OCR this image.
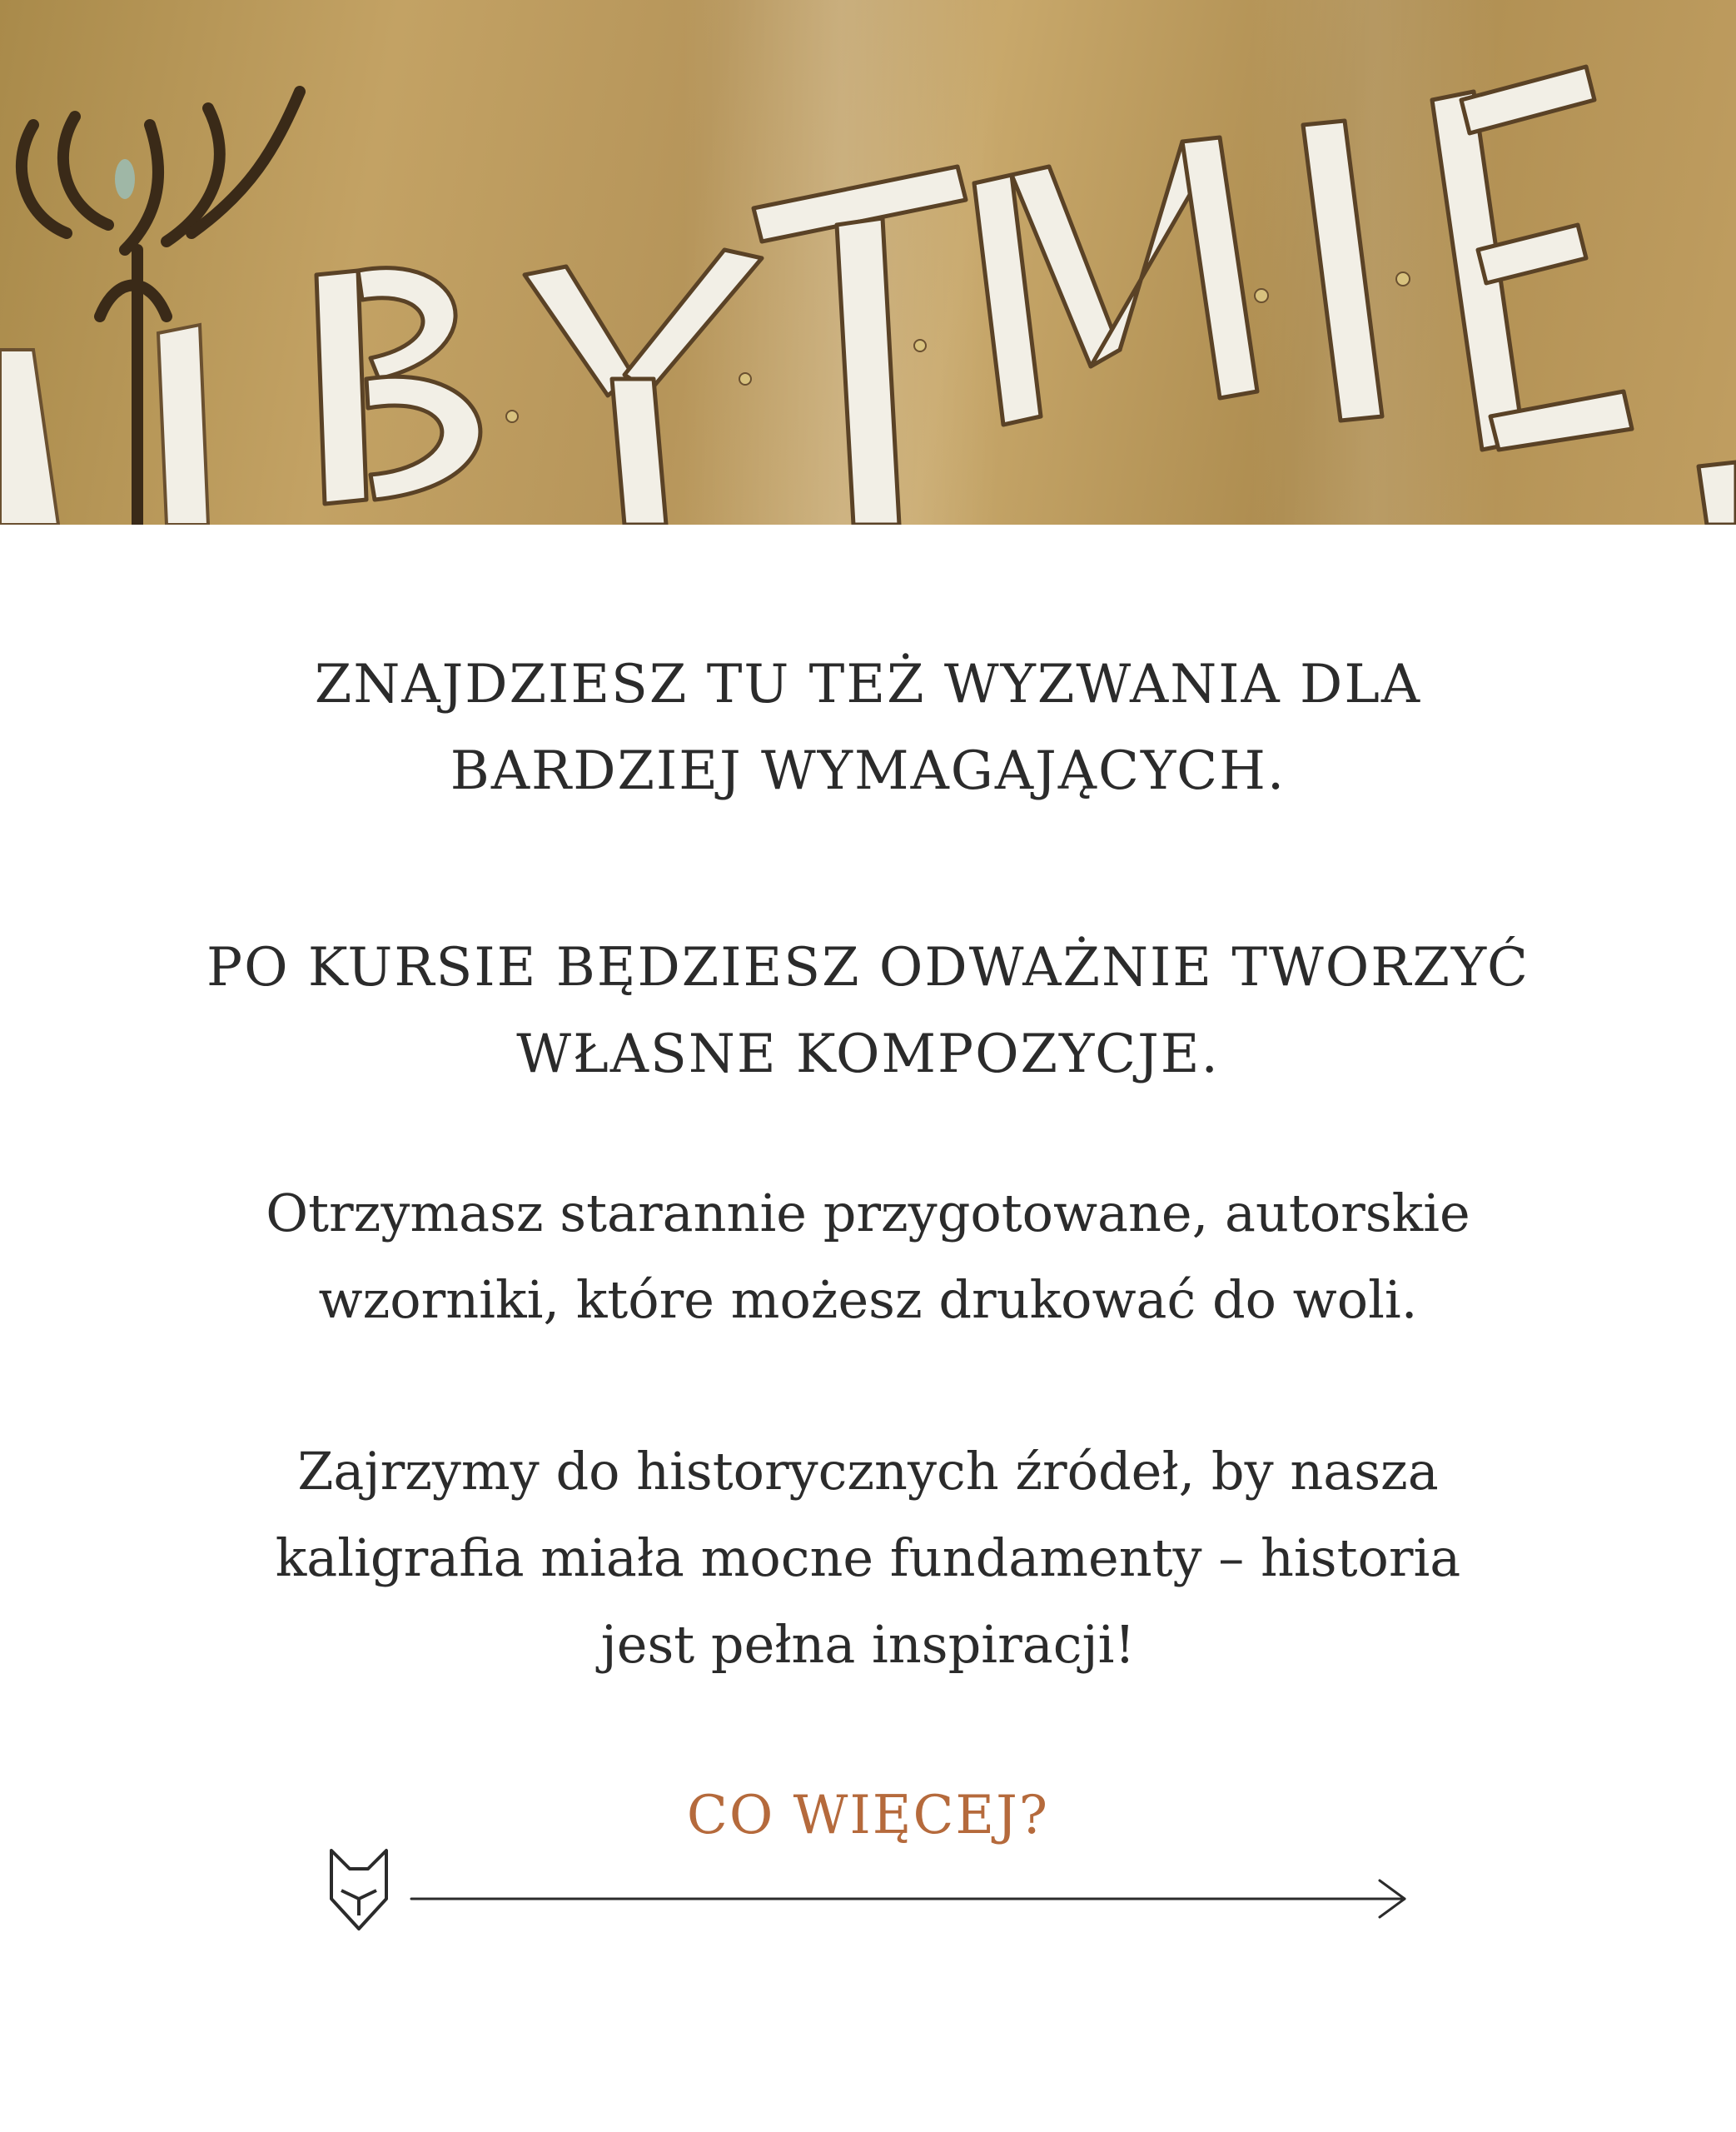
ZNAJDZIESZ TU TEŻ WYZWANIA DLA

BARDZIEJ WYMAGAJĄCYCH.

PO KURSIE BĘDZIESZ ODWAŻNIE TWORZYĆ

WŁASNE KOMPOZYCJE.

Otrzymasz starannie przygotowane, autorskie

wzorniki, które możesz drukować do woli.

Zajrzymy do historycznych źródeł, by nasza

kaligrafia miała mocne fundamenty – historia

jest pełna inspiracji!

CO WIĘCEJ?
